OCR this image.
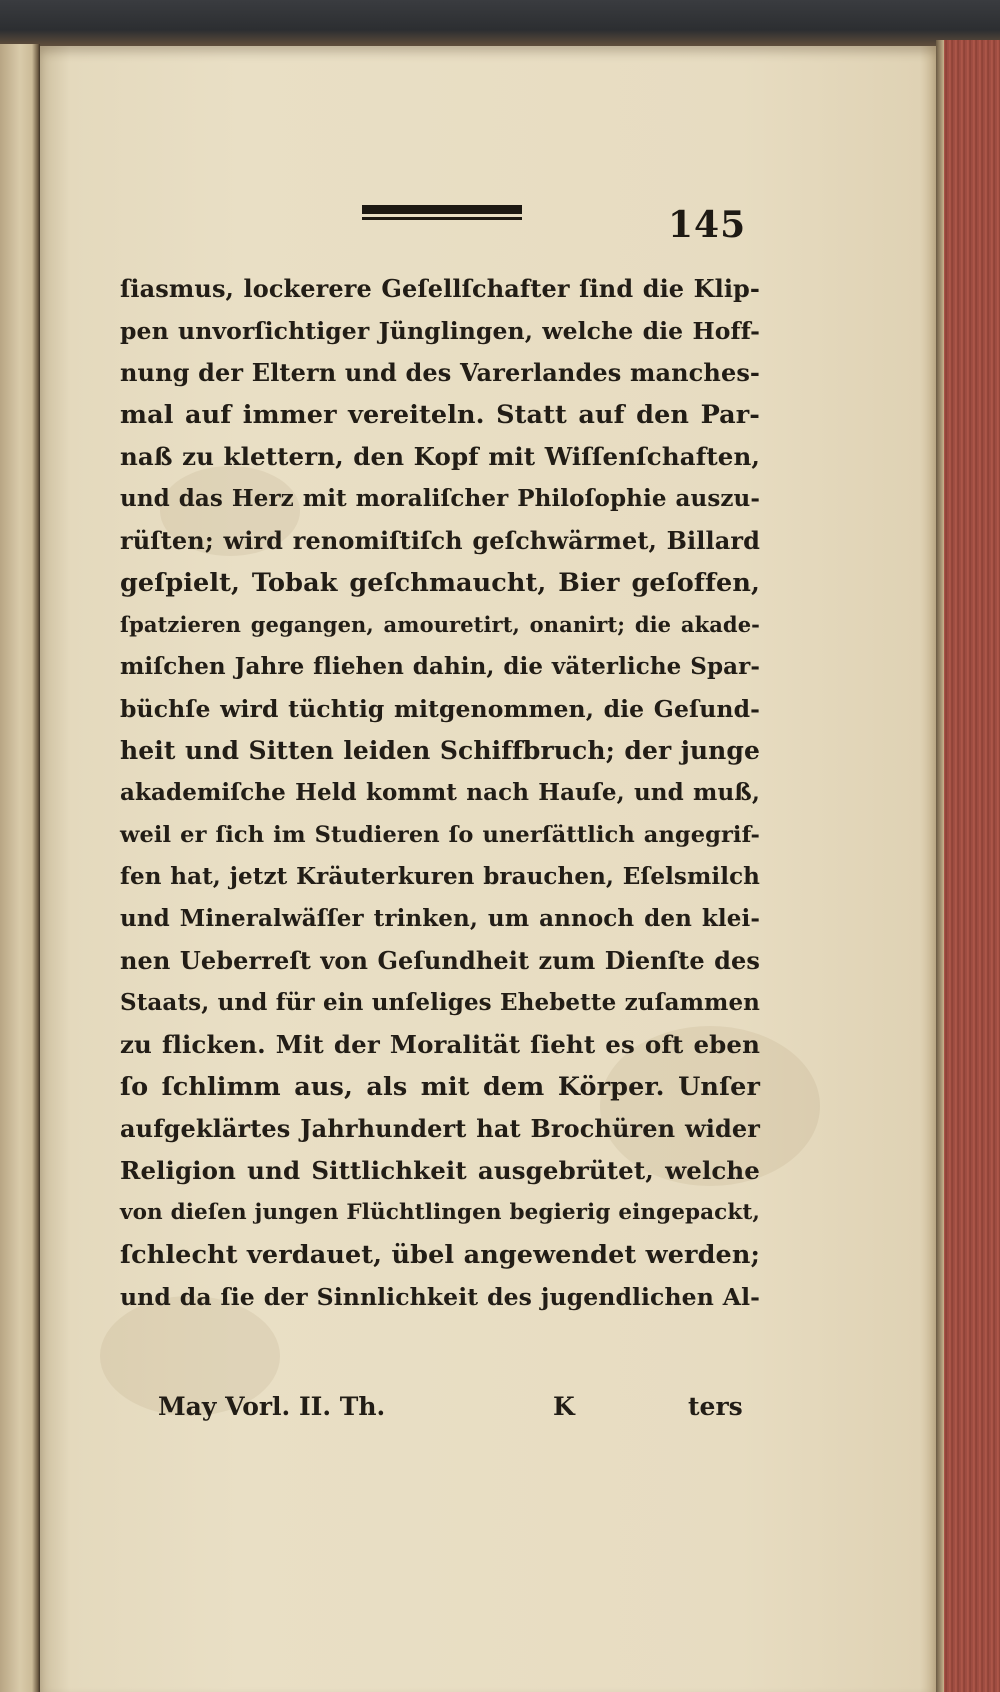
145
ſiasmus, lockerere Geſellſchafter ſind die Klip-
pen unvorſichtiger Jünglingen, welche die Hoff-
nung der Eltern und des Varerlandes manches-
mal auf immer vereiteln. Statt auf den Par-
naß zu klettern, den Kopf mit Wiſſenſchaften,
und das Herz mit moraliſcher Philoſophie auszu-
rüſten; wird renomiſtiſch geſchwärmet, Billard
geſpielt, Tobak geſchmaucht, Bier geſoffen,
ſpatzieren gegangen, amouretirt, onanirt; die akade-
miſchen Jahre fliehen dahin, die väterliche Spar-
büchſe wird tüchtig mitgenommen, die Geſund-
heit und Sitten leiden Schiffbruch; der junge
akademiſche Held kommt nach Hauſe, und muß,
weil er ſich im Studieren ſo unerſättlich angegrif-
fen hat, jetzt Kräuterkuren brauchen, Eſelsmilch
und Mineralwäſſer trinken, um annoch den klei-
nen Ueberreſt von Geſundheit zum Dienſte des
Staats, und für ein unſeliges Ehebette zuſammen
zu flicken. Mit der Moralität ſieht es oft eben
ſo ſchlimm aus, als mit dem Körper. Unſer
aufgeklärtes Jahrhundert hat Brochüren wider
Religion und Sittlichkeit ausgebrütet, welche
von dieſen jungen Flüchtlingen begierig eingepackt,
ſchlecht verdauet, übel angewendet werden;
und da ſie der Sinnlichkeit des jugendlichen Al-
May Vorl. II. Th.	K	ters
